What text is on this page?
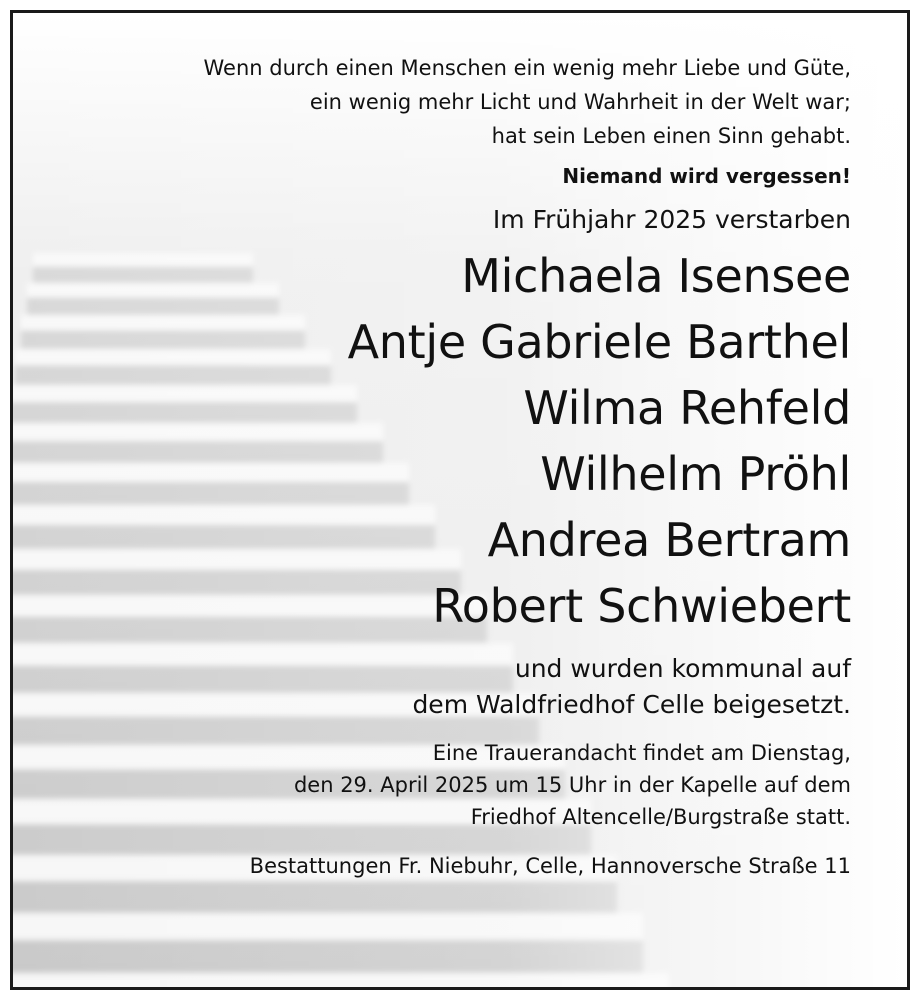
Wenn durch einen Menschen ein wenig mehr Liebe und Güte,
ein wenig mehr Licht und Wahrheit in der Welt war;
hat sein Leben einen Sinn gehabt.
Niemand wird vergessen!
Im Frühjahr 2025 verstarben
Michaela Isensee
Antje Gabriele Barthel
Wilma Rehfeld
Wilhelm Pröhl
Andrea Bertram
Robert Schwiebert
und wurden kommunal auf
dem Waldfriedhof Celle beigesetzt.
Eine Trauerandacht findet am Dienstag,
den 29. April 2025 um 15 Uhr in der Kapelle auf dem
Friedhof Altencelle/Burgstraße statt.
Bestattungen Fr. Niebuhr, Celle, Hannoversche Straße 11
